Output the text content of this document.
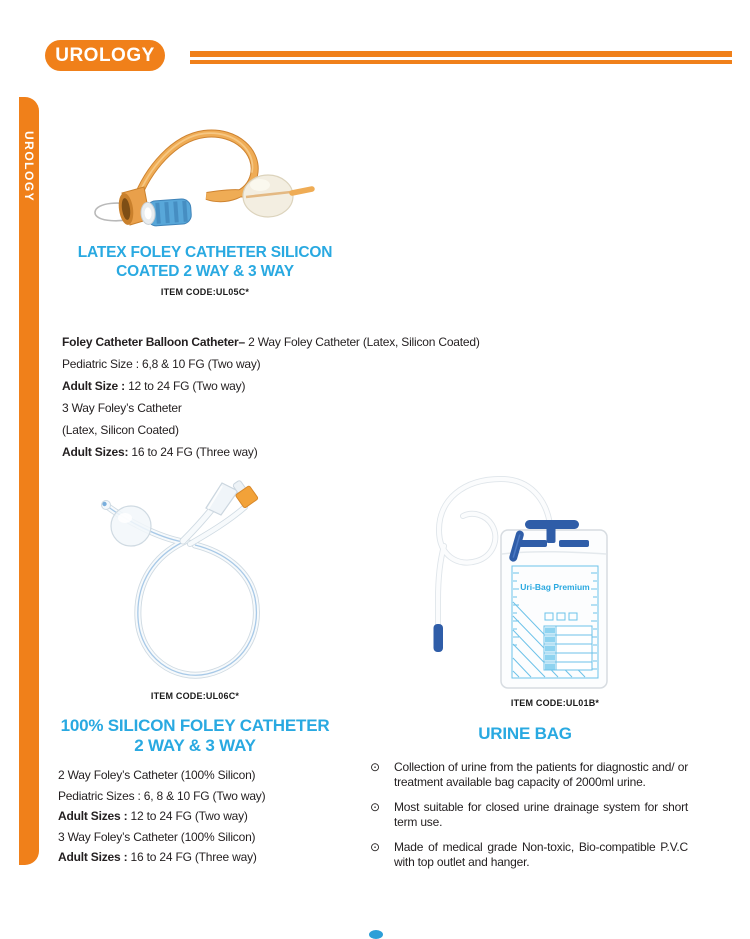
UROLOGY
UROLOGY
LATEX FOLEY CATHETER SILICON
COATED 2 WAY & 3 WAY
ITEM CODE:UL05C*
Foley Catheter Balloon Catheter– 2 Way Foley Catheter (Latex, Silicon Coated)
Pediatric Size : 6,8 & 10 FG (Two way)
Adult Size : 12 to 24 FG (Two way)
3 Way Foley’s Catheter
(Latex, Silicon Coated)
Adult Sizes: 16 to 24 FG (Three way)
ITEM CODE:UL06C*
100% SILICON FOLEY CATHETER
2 WAY & 3 WAY
2 Way Foley’s Catheter (100% Silicon)
Pediatric Sizes : 6, 8 & 10 FG (Two way)
Adult Sizes : 12 to 24 FG (Two way)
3 Way Foley’s Catheter (100% Silicon)
Adult Sizes : 16 to 24 FG (Three way)
Uri-Bag Premium
ITEM CODE:UL01B*
URINE BAG
⊙	Collection of urine from the patients for diagnostic and/ or treatment available bag capacity of 2000ml urine.

⊙	Most suitable for closed urine drainage system for short term use.

⊙	Made of medical grade Non-toxic, Bio-compatible P.V.C with top outlet and hanger.
